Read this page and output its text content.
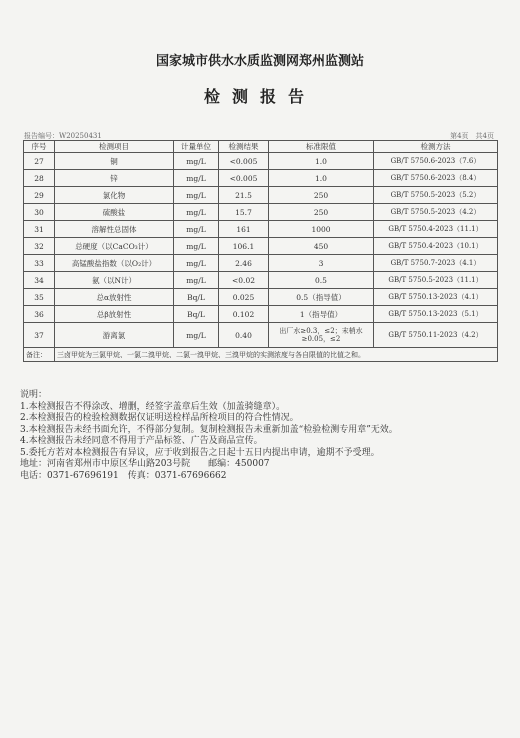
国家城市供水水质监测网郑州监测站
检测报告
报告编号：W20250431	第4页　共4页
序号	检测项目	计量单位	检测结果	标准限值	检测方法
27	铜	mg/L	<0.005	1.0	GB/T 5750.6-2023（7.6）
28	锌	mg/L	<0.005	1.0	GB/T 5750.6-2023（8.4）
29	氯化物	mg/L	21.5	250	GB/T 5750.5-2023（5.2）
30	硫酸盐	mg/L	15.7	250	GB/T 5750.5-2023（4.2）
31	溶解性总固体	mg/L	161	1000	GB/T 5750.4-2023（11.1）
32	总硬度（以CaCO₃计）	mg/L	106.1	450	GB/T 5750.4-2023（10.1）
33	高锰酸盐指数（以O₂计）	mg/L	2.46	3	GB/T 5750.7-2023（4.1）
34	氨（以N计）	mg/L	<0.02	0.5	GB/T 5750.5-2023（11.1）
35	总α放射性	Bq/L	0.025	0.5（指导值）	GB/T 5750.13-2023（4.1）
36	总β放射性	Bq/L	0.102	1（指导值）	GB/T 5750.13-2023（5.1）
37	游离氯	mg/L	0.40	出厂水≥0.3，≤2；末梢水≥0.05，≤2	GB/T 5750.11-2023（4.2）
备注：	三卤甲烷为三氯甲烷、一氯二溴甲烷、二氯一溴甲烷、三溴甲烷的实测浓度与各自限值的比值之和。				
说明：
1.本检测报告不得涂改、增删，经签字盖章后生效（加盖骑缝章）。
2.本检测报告的检验检测数据仅证明送检样品所检项目的符合性情况。
3.本检测报告未经书面允许，不得部分复制。复制检测报告未重新加盖“检验检测专用章”无效。
4.本检测报告未经同意不得用于产品标签、广告及商品宣传。
5.委托方若对本检测报告有异议，应于收到报告之日起十五日内提出申请，逾期不予受理。
地址：河南省郑州市中原区华山路203号院　　邮编：450007
电话：0371-67696191　传真：0371-67696662
